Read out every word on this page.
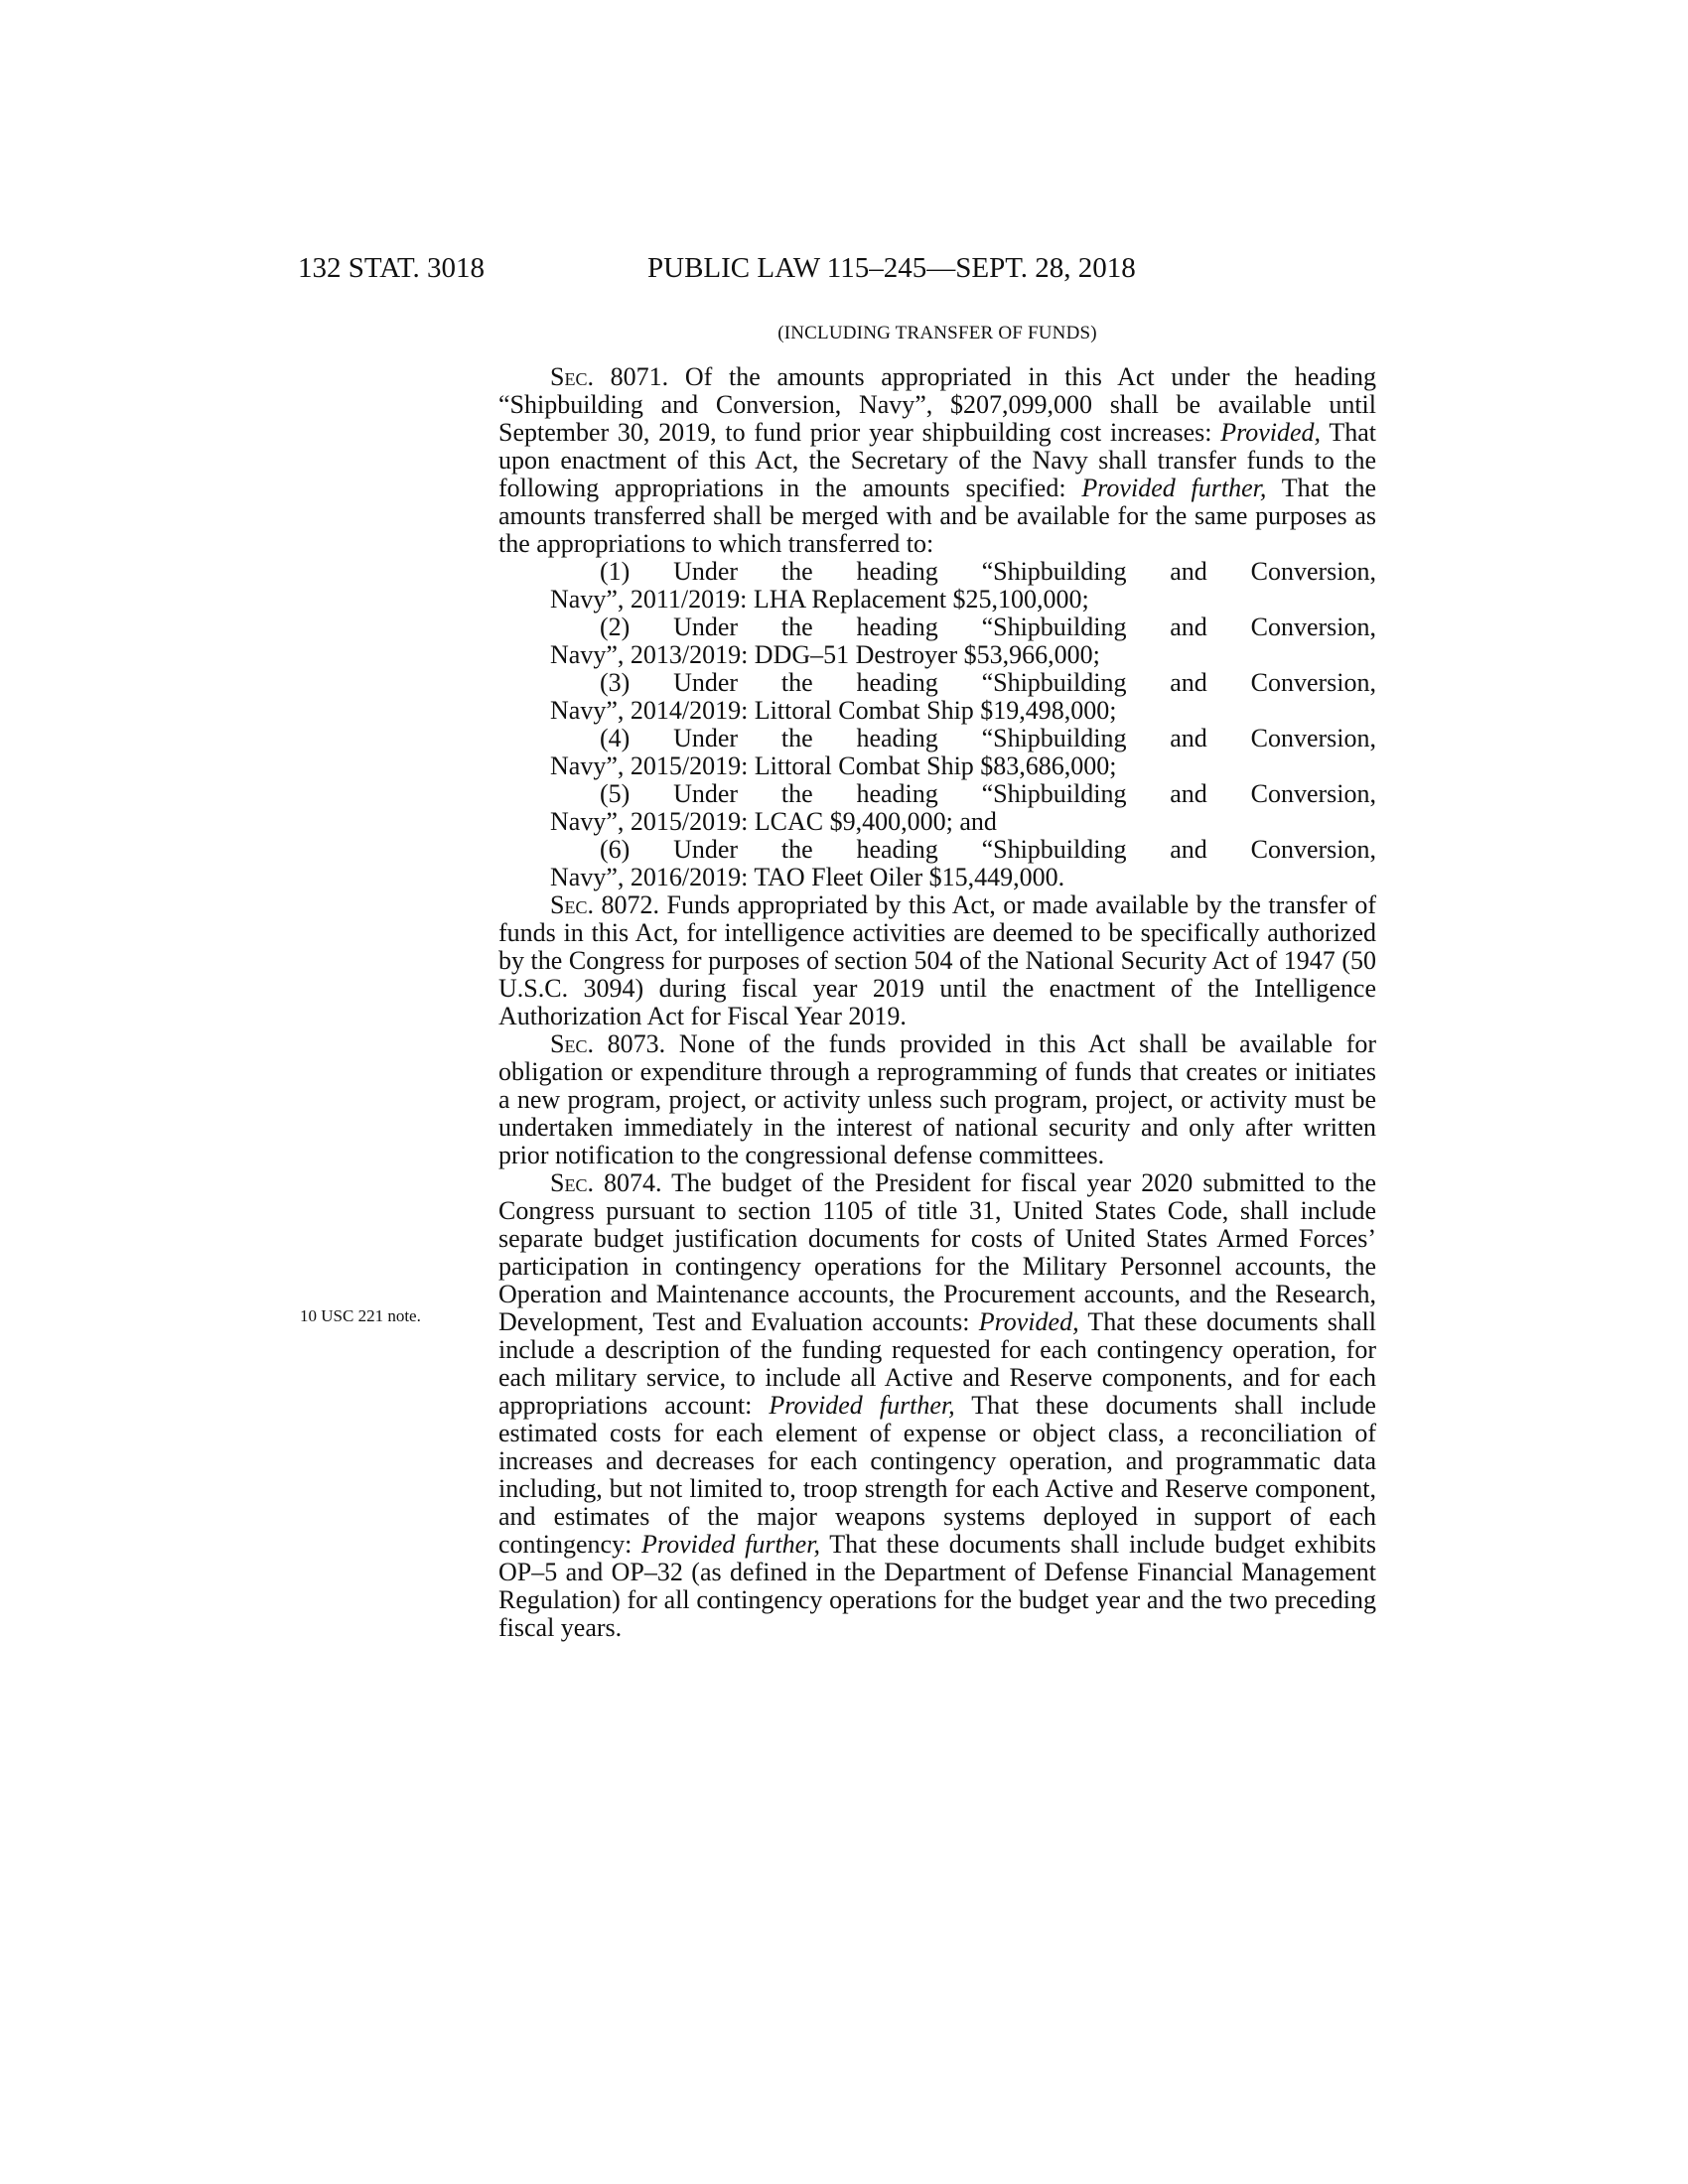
132 STAT. 3018	PUBLIC LAW 115–245—SEPT. 28, 2018
(INCLUDING TRANSFER OF FUNDS)
10 USC 221 note.

Sec. 8071. Of the amounts appropriated in this Act under the heading “Shipbuilding and Conversion, Navy”, $207,099,000 shall be available until September 30, 2019, to fund prior year shipbuilding cost increases: Provided, That upon enactment of this Act, the Secretary of the Navy shall transfer funds to the following appropriations in the amounts specified: Provided further, That the amounts transferred shall be merged with and be available for the same purposes as the appropriations to which transferred to:

(1) Under the heading “Shipbuilding and Conversion,
Navy”, 2011/2019: LHA Replacement $25,100,000;

(2) Under the heading “Shipbuilding and Conversion,
Navy”, 2013/2019: DDG–51 Destroyer $53,966,000;

(3) Under the heading “Shipbuilding and Conversion,
Navy”, 2014/2019: Littoral Combat Ship $19,498,000;

(4) Under the heading “Shipbuilding and Conversion,
Navy”, 2015/2019: Littoral Combat Ship $83,686,000;

(5) Under the heading “Shipbuilding and Conversion,
Navy”, 2015/2019: LCAC $9,400,000; and

(6) Under the heading “Shipbuilding and Conversion,
Navy”, 2016/2019: TAO Fleet Oiler $15,449,000.

Sec. 8072. Funds appropriated by this Act, or made available by the transfer of funds in this Act, for intelligence activities are deemed to be specifically authorized by the Congress for purposes of section 504 of the National Security Act of 1947 (50 U.S.C. 3094) during fiscal year 2019 until the enactment of the Intelligence Authorization Act for Fiscal Year 2019.

Sec. 8073. None of the funds provided in this Act shall be available for obligation or expenditure through a reprogramming of funds that creates or initiates a new program, project, or activity unless such program, project, or activity must be undertaken immediately in the interest of national security and only after written prior notification to the congressional defense committees.

Sec. 8074. The budget of the President for fiscal year 2020 submitted to the Congress pursuant to section 1105 of title 31, United States Code, shall include separate budget justification documents for costs of United States Armed Forces’ participation in contingency operations for the Military Personnel accounts, the Operation and Maintenance accounts, the Procurement accounts, and the Research, Development, Test and Evaluation accounts: Provided, That these documents shall include a description of the funding requested for each contingency operation, for each military service, to include all Active and Reserve components, and for each appropriations account: Provided further, That these documents shall include estimated costs for each element of expense or object class, a reconciliation of increases and decreases for each contingency operation, and programmatic data including, but not limited to, troop strength for each Active and Reserve component, and estimates of the major weapons systems deployed in support of each contingency: Provided further, That these documents shall include budget exhibits OP–5 and OP–32 (as defined in the Department of Defense Financial Management Regulation) for all contingency operations for the budget year and the two preceding fiscal years.
